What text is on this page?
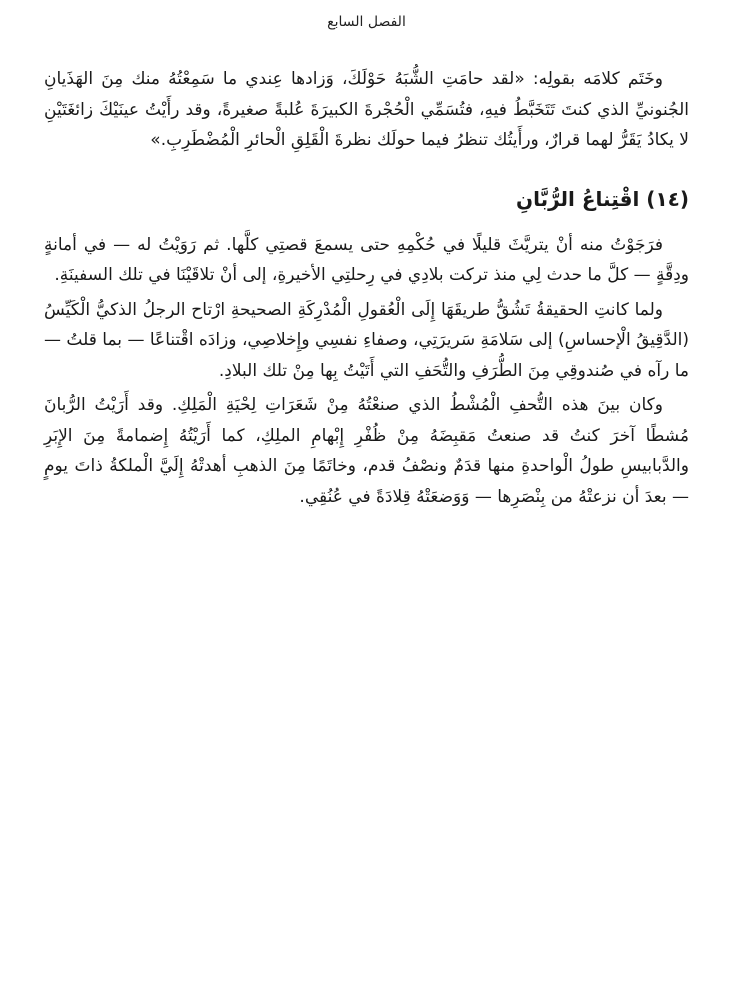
الفصل السابع

وخَتَم كلامَه بقولِه: «لقد حامَتِ الشُّبَهُ حَوْلَكَ، وَزادها عِندي ما سَمِعْتُهُ منك مِنَ الهَذَيانِ الجُنونيِّ الذي كنتَ تَتَخَبَّطُ فيهِ، فتُسَمِّي الْحُجْرةَ الكبيرَةَ عُلبةً صغيرةً، وقد رأَيْتُ عينَيْكَ زائغَتَيْنِ لا يكادُ يَقَرُّ لهما قرارٌ، ورأَيتُك تنظرُ فيما حولَك نظرةَ الْقَلِقِ الْحائرِ الْمُضْطَرِبِ.»

(١٤) اقْتِناعُ الرُّبَّانِ

فرَجَوْتُ منه أنْ يتريَّثَ قليلًا في حُكْمِهِ حتى يسمعَ قصتِي كلَّها. ثم رَوَيْتُ له — في أمانةٍ ودِقَّةٍ — كلَّ ما حدث لِي منذ تركت بلادِي في رِحلتِي الأخيرةِ، إلى أنْ تلاقَيْنَا في تلك السفينَةِ.

ولما كانتِ الحقيقةُ تَشُقُّ طريقَهَا إِلَى الْعُقولِ الْمُدْرِكَةِ الصحيحةِ ارْتاح الرجلُ الذكيُّ الْكَيِّسُ (الدَّقِيقُ الْإحساسِ) إلى سَلامَةِ سَريرَتِي، وصفاءِ نفسِي وإِخلاصِي، وزادَه اقْتناعًا — بما قلتُ — ما رآه في صُندوقِي مِنَ الطُّرَفِ والتُّحَفِ التي أَتَيْتُ بِها مِنْ تلك البلادِ.

وكان بينَ هذه التُّحفِ الْمُشْطُ الذي صنعْتُهُ مِنْ شَعَرَاتِ لِحْيَةِ الْمَلِكِ. وقد أَرَيْتُ الرُّبانَ مُشطًا آخرَ كنتُ قد صنعتُ مَقبِضَهُ مِنْ ظُفْرِ إِبْهامِ الملِكِ، كما أَرَيْتُهُ إِضمامةً مِنَ الإِبَرِ والدَّبابيسِ طولُ الْواحدةِ منها قدَمٌ ونصْفُ قدم، وخاتَمًا مِنَ الذهبِ أهدتْهُ إِلَيَّ الْملكةُ ذاتَ يومٍ — بعدَ أن نزعتْهُ من بِنْصَرِها — وَوَضعَتْهُ قِلادَةً في عُنُقِي.
